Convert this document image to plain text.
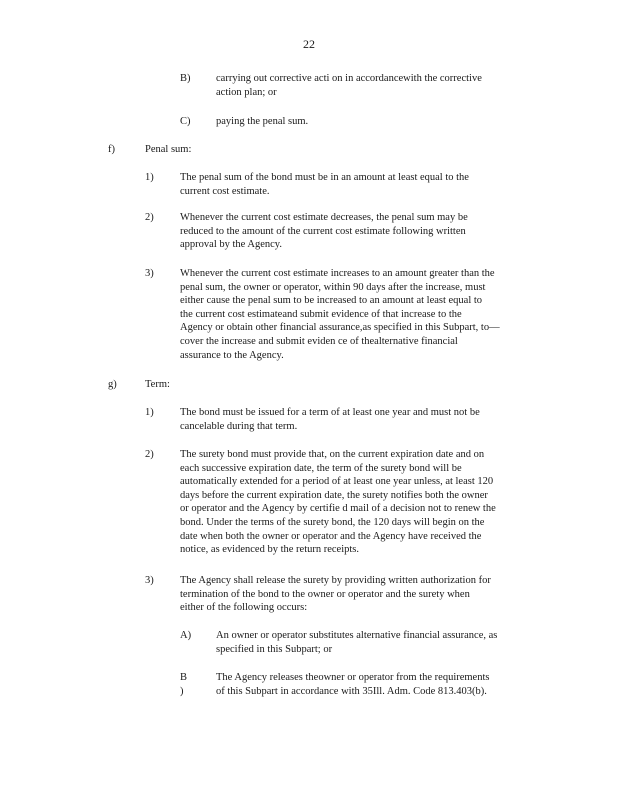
22
B) carrying out corrective acti on in accordancewith the corrective

action plan; or

C) paying the penal sum.

f)	Penal sum:

1)	The penal sum of the bond must be in an amount at least equal to the

current cost estimate.

2)	Whenever the current cost estimate decreases, the penal sum may be

reduced to the amount of the current cost estimate following written

approval by the Agency.

3)	Whenever the current cost estimate increases to an amount greater than the

penal sum, the owner or operator, within 90 days after the increase, must

either cause the penal sum to be increased to an amount at least equal to

the current cost estimateand submit evidence of that increase to the

Agency or obtain other financial assurance,as specified in this Subpart, to—

cover the increase and submit eviden ce of thealternative financial

assurance to the Agency.

g)	Term:

1)	The bond must be issued for a term of at least one year and must not be

cancelable during that term.

2)	The surety bond must provide that, on the current expiration date and on

each successive expiration date, the term of the surety bond will be

automatically extended for a period of at least one year unless, at least 120

days before the current expiration date, the surety notifies both the owner

or operator and the Agency by certifie d mail of a decision not to renew the

bond. Under the terms of the surety bond, the 120 days will begin on the

date when both the owner or operator and the Agency have received the

notice, as evidenced by the return receipts.

3)	The Agency shall release the surety by providing written authorization for

termination of the bond to the owner or operator and the surety when

either of the following occurs:

A) An owner or operator substitutes alternative financial assurance, as

specified in this Subpart; or

B )

The Agency releases theowner or operator from the requirements

of this Subpart in accordance with 35Ill. Adm. Code 813.403(b).
